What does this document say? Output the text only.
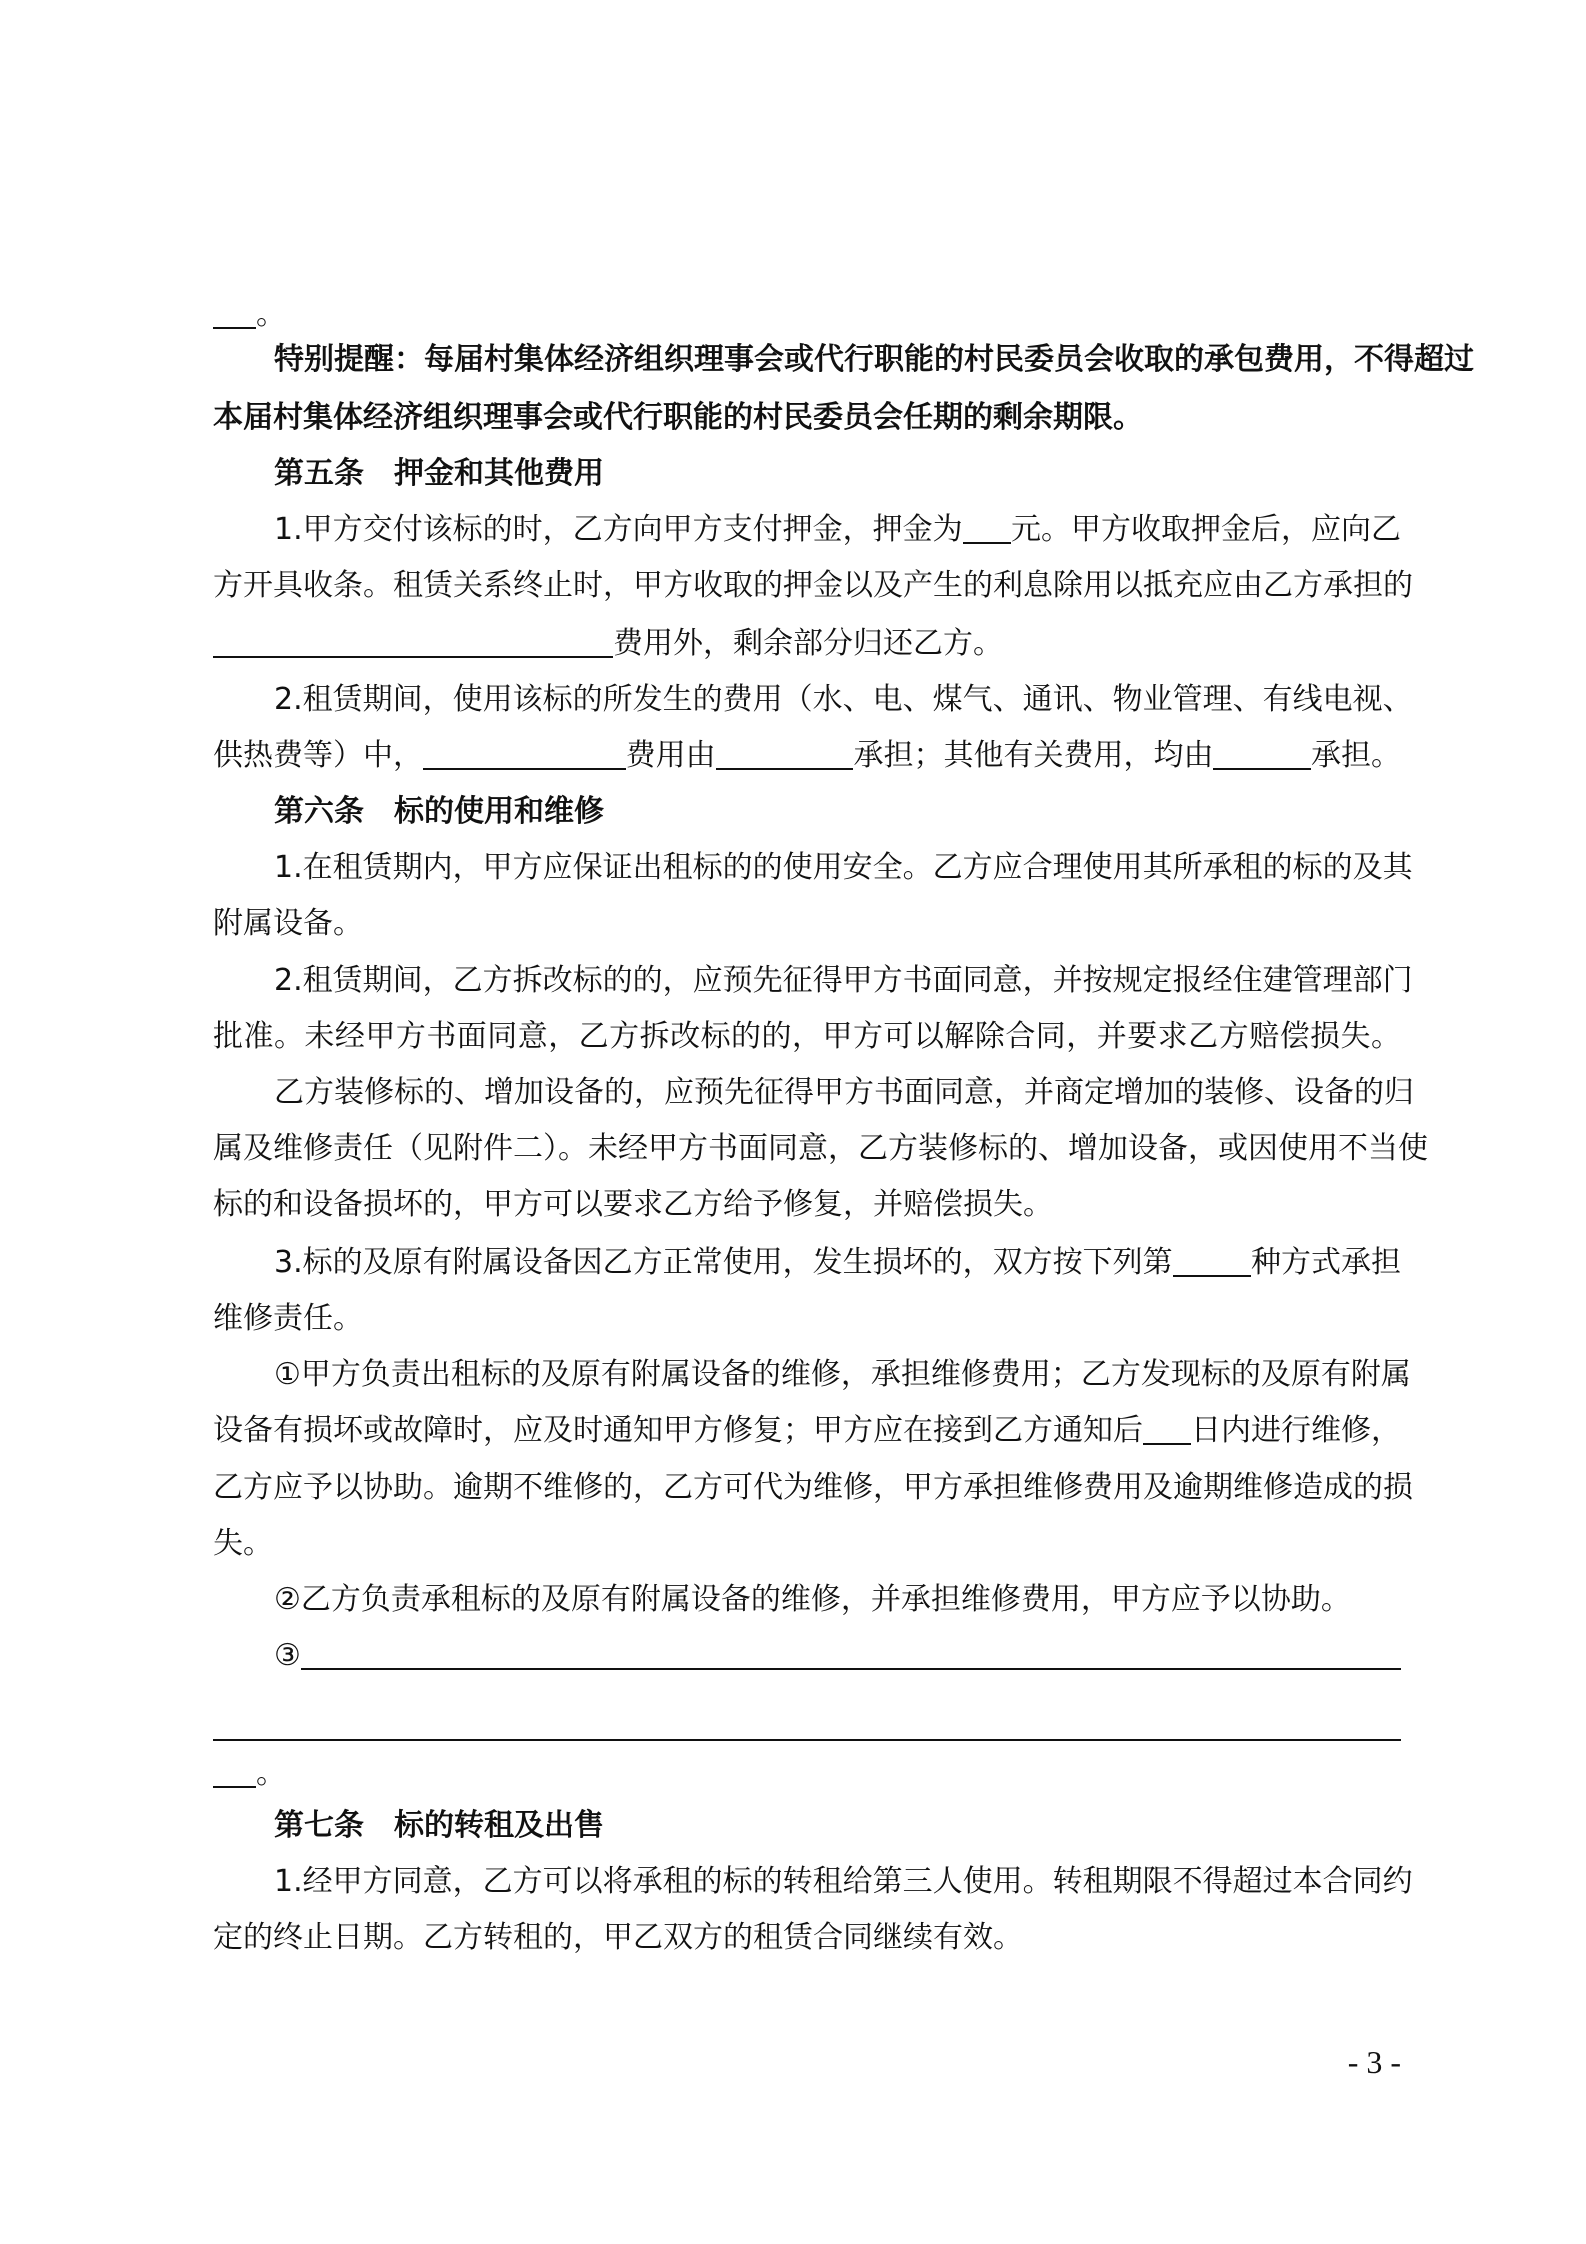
。
特别提醒：每届村集体经济组织理事会或代行职能的村民委员会收取的承包费用，不得超过
本届村集体经济组织理事会或代行职能的村民委员会任期的剩余期限。
第五条　押金和其他费用
1.甲方交付该标的时，乙方向甲方支付押金，押金为 元。甲方收取押金后，应向乙
方开具收条。租赁关系终止时，甲方收取的押金以及产生的利息除用以抵充应由乙方承担的
费用外，剩余部分归还乙方。
2.租赁期间，使用该标的所发生的费用（水、电、煤气、通讯、物业管理、有线电视、
供热费等）中，	费用由	承担；其他有关费用，均由	承担。
第六条　标的使用和维修
1.在租赁期内，甲方应保证出租标的的使用安全。乙方应合理使用其所承租的标的及其
附属设备。
2.租赁期间，乙方拆改标的的，应预先征得甲方书面同意，并按规定报经住建管理部门
批准。未经甲方书面同意，乙方拆改标的的，甲方可以解除合同，并要求乙方赔偿损失。
乙方装修标的、增加设备的，应预先征得甲方书面同意，并商定增加的装修、设备的归
属及维修责任（见附件二）。未经甲方书面同意，乙方装修标的、增加设备，或因使用不当使
标的和设备损坏的，甲方可以要求乙方给予修复，并赔偿损失。
3.标的及原有附属设备因乙方正常使用，发生损坏的，双方按下列第	种方式承担
维修责任。
①甲方负责出租标的及原有附属设备的维修，承担维修费用；乙方发现标的及原有附属
设备有损坏或故障时，应及时通知甲方修复；甲方应在接到乙方通知后 日内进行维修，
乙方应予以协助。逾期不维修的，乙方可代为维修，甲方承担维修费用及逾期维修造成的损
失。
②乙方负责承租标的及原有附属设备的维修，并承担维修费用，甲方应予以协助。
③
。
第七条　标的转租及出售
1.经甲方同意，乙方可以将承租的标的转租给第三人使用。转租期限不得超过本合同约
定的终止日期。乙方转租的，甲乙双方的租赁合同继续有效。
- 3 -
